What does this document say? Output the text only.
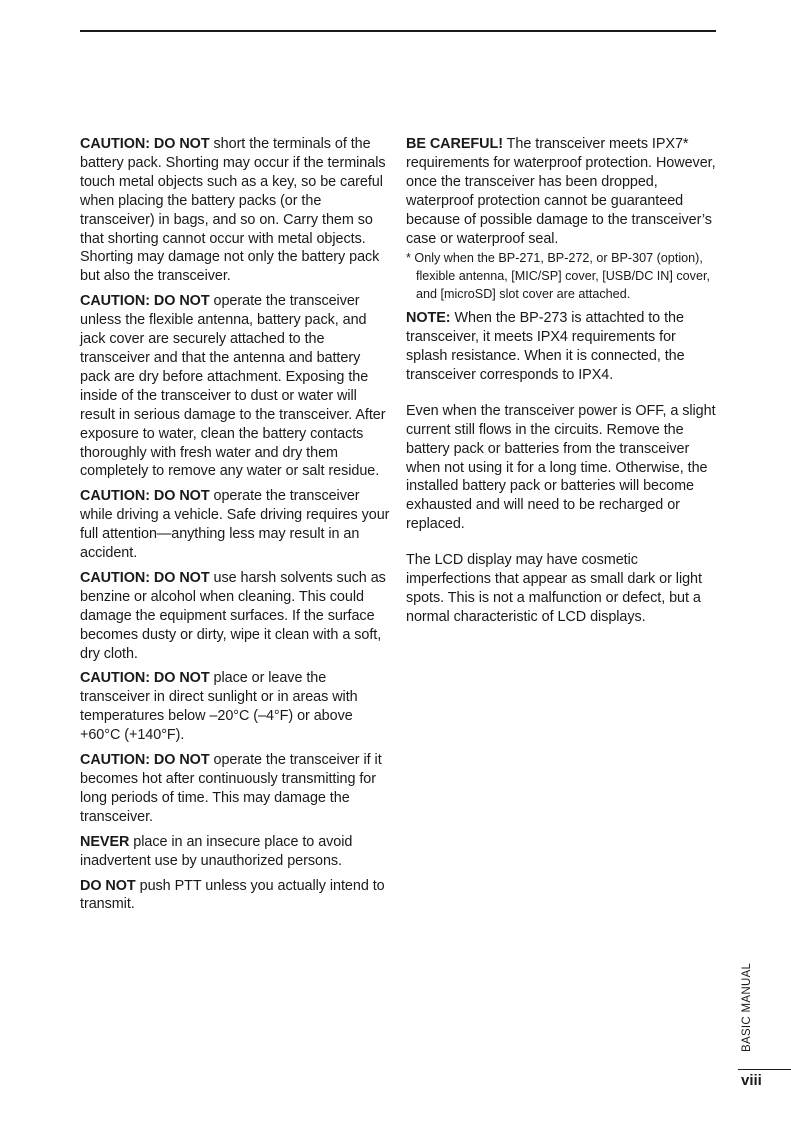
CAUTION: DO NOT short the terminals of the battery pack. Shorting may occur if the terminals touch metal objects such as a key, so be careful when placing the battery packs (or the transceiver) in bags, and so on. Carry them so that shorting cannot occur with metal objects. Shorting may damage not only the battery pack but also the transceiver.

CAUTION: DO NOT operate the transceiver unless the flexible antenna, battery pack, and jack cover are securely attached to the transceiver and that the antenna and battery pack are dry before attachment. Exposing the inside of the transceiver to dust or water will result in serious damage to the transceiver. After exposure to water, clean the battery contacts thoroughly with fresh water and dry them completely to remove any water or salt residue.

CAUTION: DO NOT operate the transceiver while driving a vehicle. Safe driving requires your full attention—anything less may result in an accident.

CAUTION: DO NOT use harsh solvents such as benzine or alcohol when cleaning. This could damage the equipment surfaces. If the surface becomes dusty or dirty, wipe it clean with a soft, dry cloth.

CAUTION: DO NOT place or leave the transceiver in direct sunlight or in areas with temperatures below –20°C (–4°F) or above +60°C (+140°F).

CAUTION: DO NOT operate the transceiver if it becomes hot after continuously transmitting for long periods of time. This may damage the transceiver.

NEVER place in an insecure place to avoid inadvertent use by unauthorized persons.

DO NOT push PTT unless you actually intend to transmit.

BE CAREFUL! The transceiver meets IPX7* requirements for waterproof protection. However, once the transceiver has been dropped, waterproof protection cannot be guaranteed because of possible damage to the transceiver’s case or waterproof seal.

* Only when the BP-271, BP-272, or BP-307 (option), flexible antenna, [MIC/SP] cover, [USB/DC IN] cover, and [microSD] slot cover are attached.

NOTE: When the BP-273 is attachted to the transceiver, it meets IPX4 requirements for splash resistance. When it is connected, the transceiver corresponds to IPX4.

Even when the transceiver power is OFF, a slight current still flows in the circuits. Remove the battery pack or batteries from the transceiver when not using it for a long time. Otherwise, the installed battery pack or batteries will become exhausted and will need to be recharged or replaced.

The LCD display may have cosmetic imperfections that appear as small dark or light spots. This is not a malfunction or defect, but a normal characteristic of LCD displays.

BASIC MANUAL
viii
